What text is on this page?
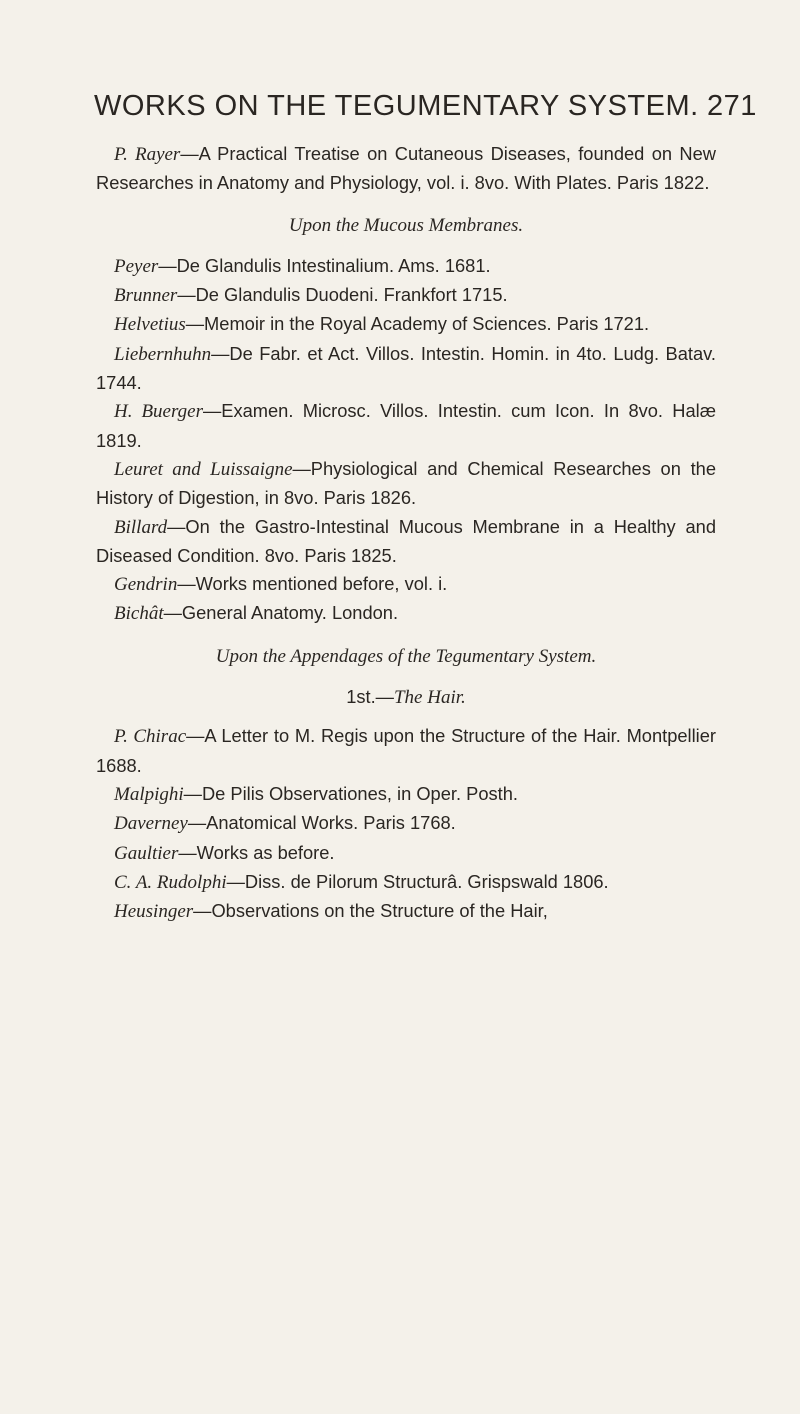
WORKS ON THE TEGUMENTARY SYSTEM. 271

P. Rayer—A Practical Treatise on Cutaneous Diseases, founded on New Researches in Anatomy and Physiology, vol. i. 8vo. With Plates. Paris 1822.

Upon the Mucous Membranes.

Peyer—De Glandulis Intestinalium. Ams. 1681.

Brunner—De Glandulis Duodeni. Frankfort 1715.

Helvetius—Memoir in the Royal Academy of Sciences. Paris 1721.

Liebernhuhn—De Fabr. et Act. Villos. Intestin. Homin. in 4to. Ludg. Batav. 1744.

H. Buerger—Examen. Microsc. Villos. Intestin. cum Icon. In 8vo. Halæ 1819.

Leuret and Luissaigne—Physiological and Chemical Researches on the History of Digestion, in 8vo. Paris 1826.

Billard—On the Gastro-Intestinal Mucous Membrane in a Healthy and Diseased Condition. 8vo. Paris 1825.

Gendrin—Works mentioned before, vol. i.

Bichât—General Anatomy. London.

Upon the Appendages of the Tegumentary System.
1st.—The Hair.

P. Chirac—A Letter to M. Regis upon the Structure of the Hair. Montpellier 1688.

Malpighi—De Pilis Observationes, in Oper. Posth.

Daverney—Anatomical Works. Paris 1768.

Gaultier—Works as before.

C. A. Rudolphi—Diss. de Pilorum Structurâ. Grispswald 1806.

Heusinger—Observations on the Structure of the Hair,
